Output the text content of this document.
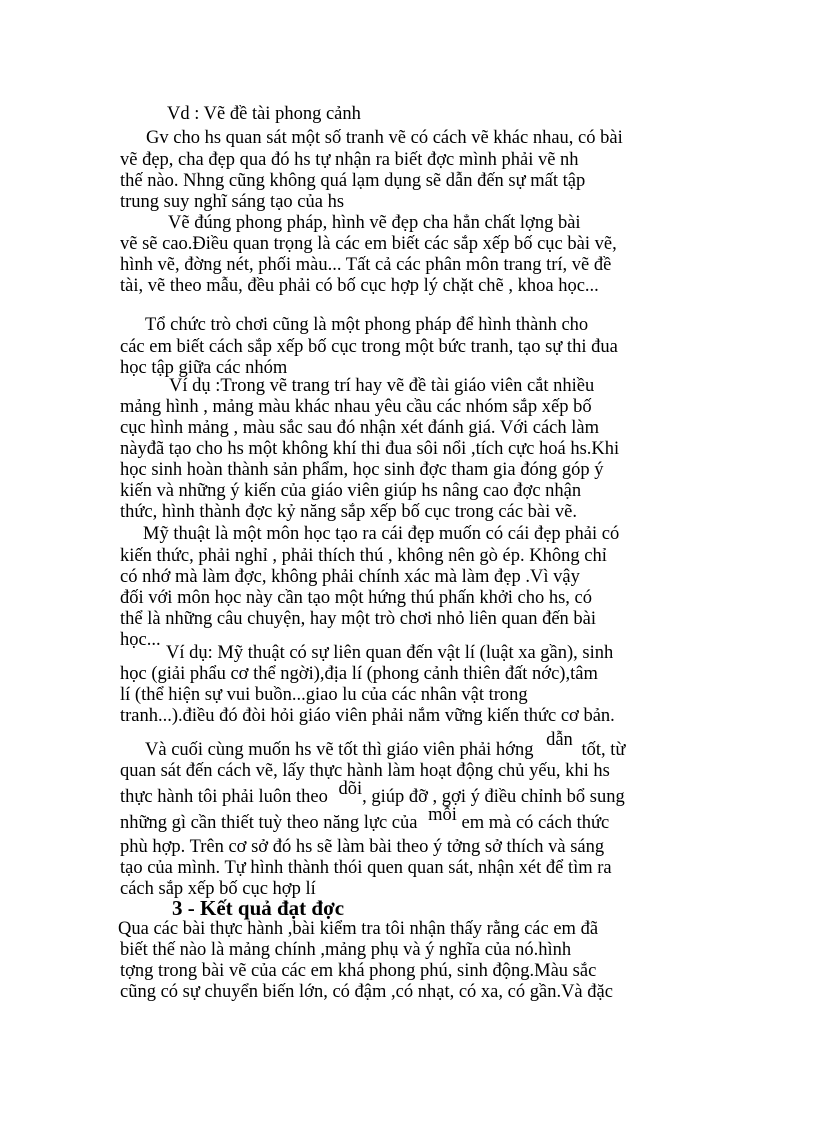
Vd : Vẽ đề tài phong cảnh
Gv cho hs quan sát một số tranh vẽ có cách vẽ khác nhau, có bài
vẽ đẹp, cha đẹp qua đó hs tự nhận ra biết đợc mình phải vẽ nh
thế nào. Nhng cũng không quá lạm dụng sẽ dẫn đến sự mất tập
trung suy nghĩ sáng tạo của hs
Vẽ đúng phong pháp, hình vẽ đẹp cha hẳn chất lợng bài
vẽ sẽ cao.Điều quan trọng là các em biết các sắp xếp bố cục bài vẽ,
hình vẽ, đờng nét, phối màu... Tất cả các phân môn trang trí, vẽ đề
tài, vẽ theo mẫu, đều phải có bố cục hợp lý chặt chẽ , khoa học...
Tổ chức trò chơi cũng là một phong pháp để hình thành cho
các em biết cách sắp xếp bố cục trong một bức tranh, tạo sự thi đua
học tập giữa các nhóm
Ví dụ :Trong vẽ trang trí hay vẽ đề tài giáo viên cắt nhiều
mảng hình , mảng màu khác nhau yêu cầu các nhóm sắp xếp bố
cục hình mảng , màu sắc sau đó nhận xét đánh giá. Với cách làm
nàyđã tạo cho hs một không khí thi đua sôi nổi ,tích cực hoá hs.Khi
học sinh hoàn thành sản phẩm, học sinh đợc tham gia đóng góp ý
kiến và những ý kiến của giáo viên giúp hs nâng cao đợc nhận
thức, hình thành đợc kỷ năng sắp xếp bố cục trong các bài vẽ.
Mỹ thuật là một môn học tạo ra cái đẹp muốn có cái đẹp phải có
kiến thức, phải nghỉ , phải thích thú , không nên gò ép. Không chỉ
có nhớ mà làm đợc, không phải chính xác mà làm đẹp .Vì vậy
đối với môn học này cần tạo một hứng thú phấn khởi cho hs, có
thể là những câu chuyện, hay một trò chơi nhỏ liên quan đến bài
học...
Ví dụ: Mỹ thuật có sự liên quan đến vật lí (luật xa gần), sinh
học (giải phẩu cơ thể ngời),địa lí (phong cảnh thiên đất nớc),tâm
lí (thể hiện sự vui buồn...giao lu của các nhân vật trong
tranh...).điều đó đòi hỏi giáo viên phải nắm vững kiến thức cơ bản.
Và cuối cùng muốn hs vẽ tốt thì giáo viên phải hớng dẫn tốt, từ
quan sát đến cách vẽ, lấy thực hành làm hoạt động chủ yếu, khi hs
thực hành tôi phải luôn theo dõi, giúp đỡ , gợi ý điều chỉnh bổ sung
những gì cần thiết tuỳ theo năng lực của mỗi em mà có cách thức
phù hợp. Trên cơ sở đó hs sẽ làm bài theo ý tởng sở thích và sáng
tạo của mình. Tự hình thành thói quen quan sát, nhận xét để tìm ra
cách sắp xếp bố cục hợp lí
3 - Kết quả đạt đợc
Qua các bài thực hành ,bài kiểm tra tôi nhận thấy rằng các em đã
biết thế nào là mảng chính ,mảng phụ và ý nghĩa của nó.hình
tợng trong bài vẽ của các em khá phong phú, sinh động.Màu sắc
cũng có sự chuyển biến lớn, có đậm ,có nhạt, có xa, có gần.Và đặc
